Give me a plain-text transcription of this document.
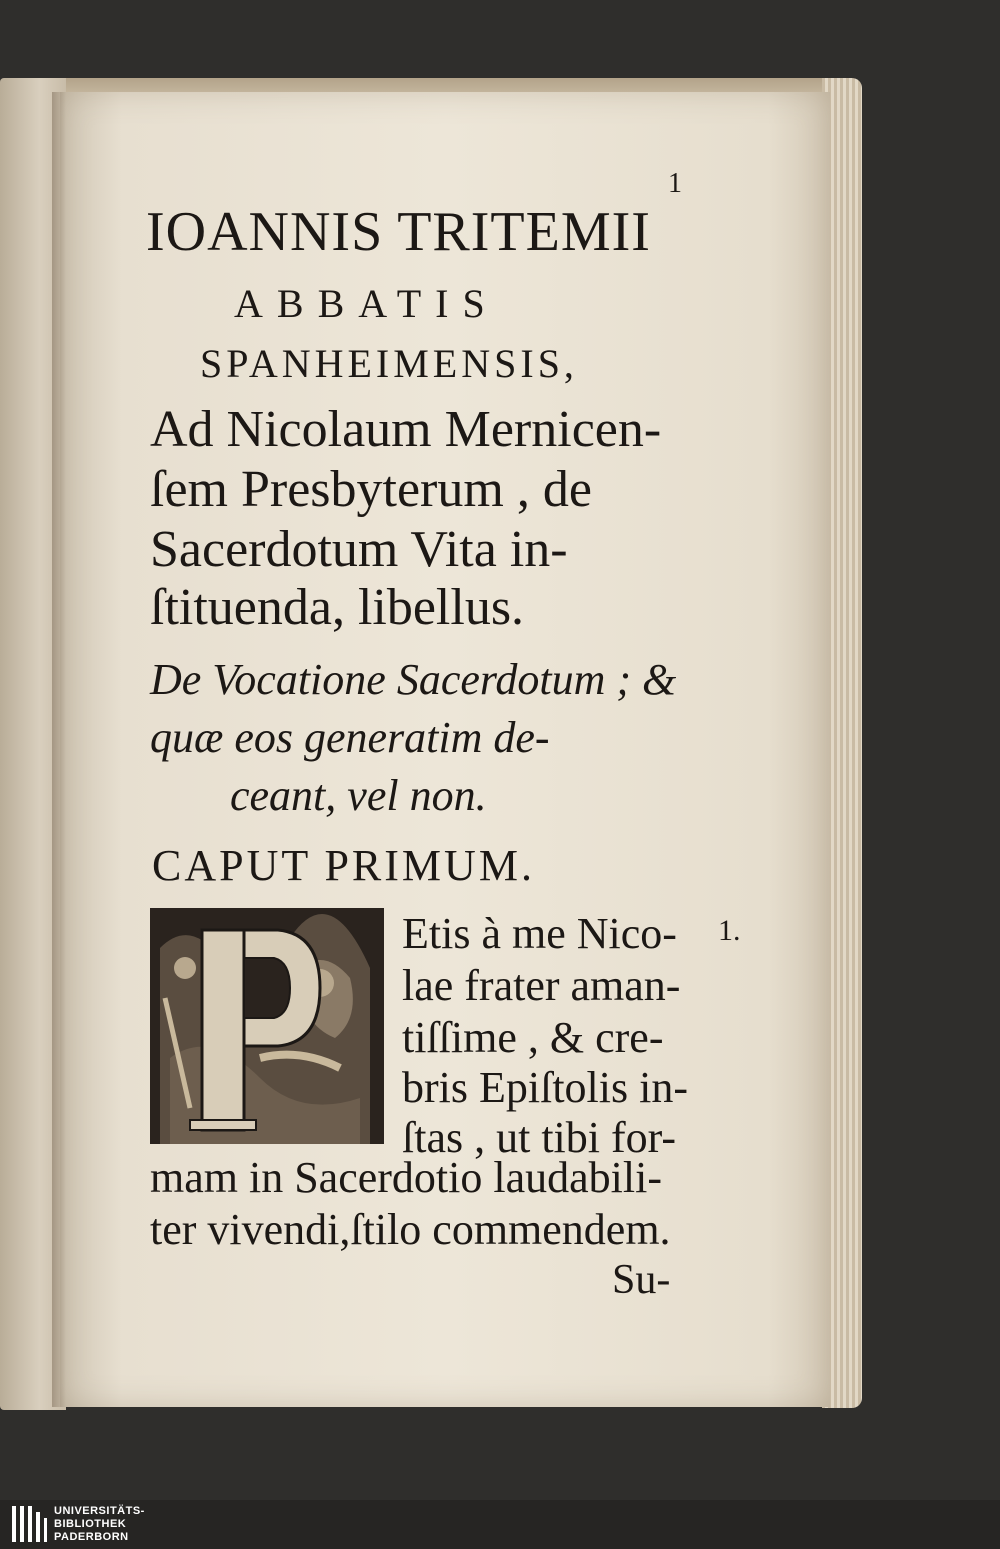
1
IOANNIS TRITEMII
ABBATIS
SPANHEIMENSIS,
Ad Nicolaum Mernicen-
ſem Presbyterum , de
Sacerdotum Vita in-
ſtituenda, libellus.
De Vocatione Sacerdotum ; &
quæ eos generatim de-
ceant, vel non.
CAPUT PRIMUM.
Etis à me Nico-
lae frater aman-
tiſſime , & cre-
bris Epiſtolis in-
ſtas , ut tibi for-
mam in Sacerdotio laudabili-
ter vivendi,ſtilo commendem.
Su-
1.
UNIVERSITÄTS-
BIBLIOTHEK
PADERBORN
